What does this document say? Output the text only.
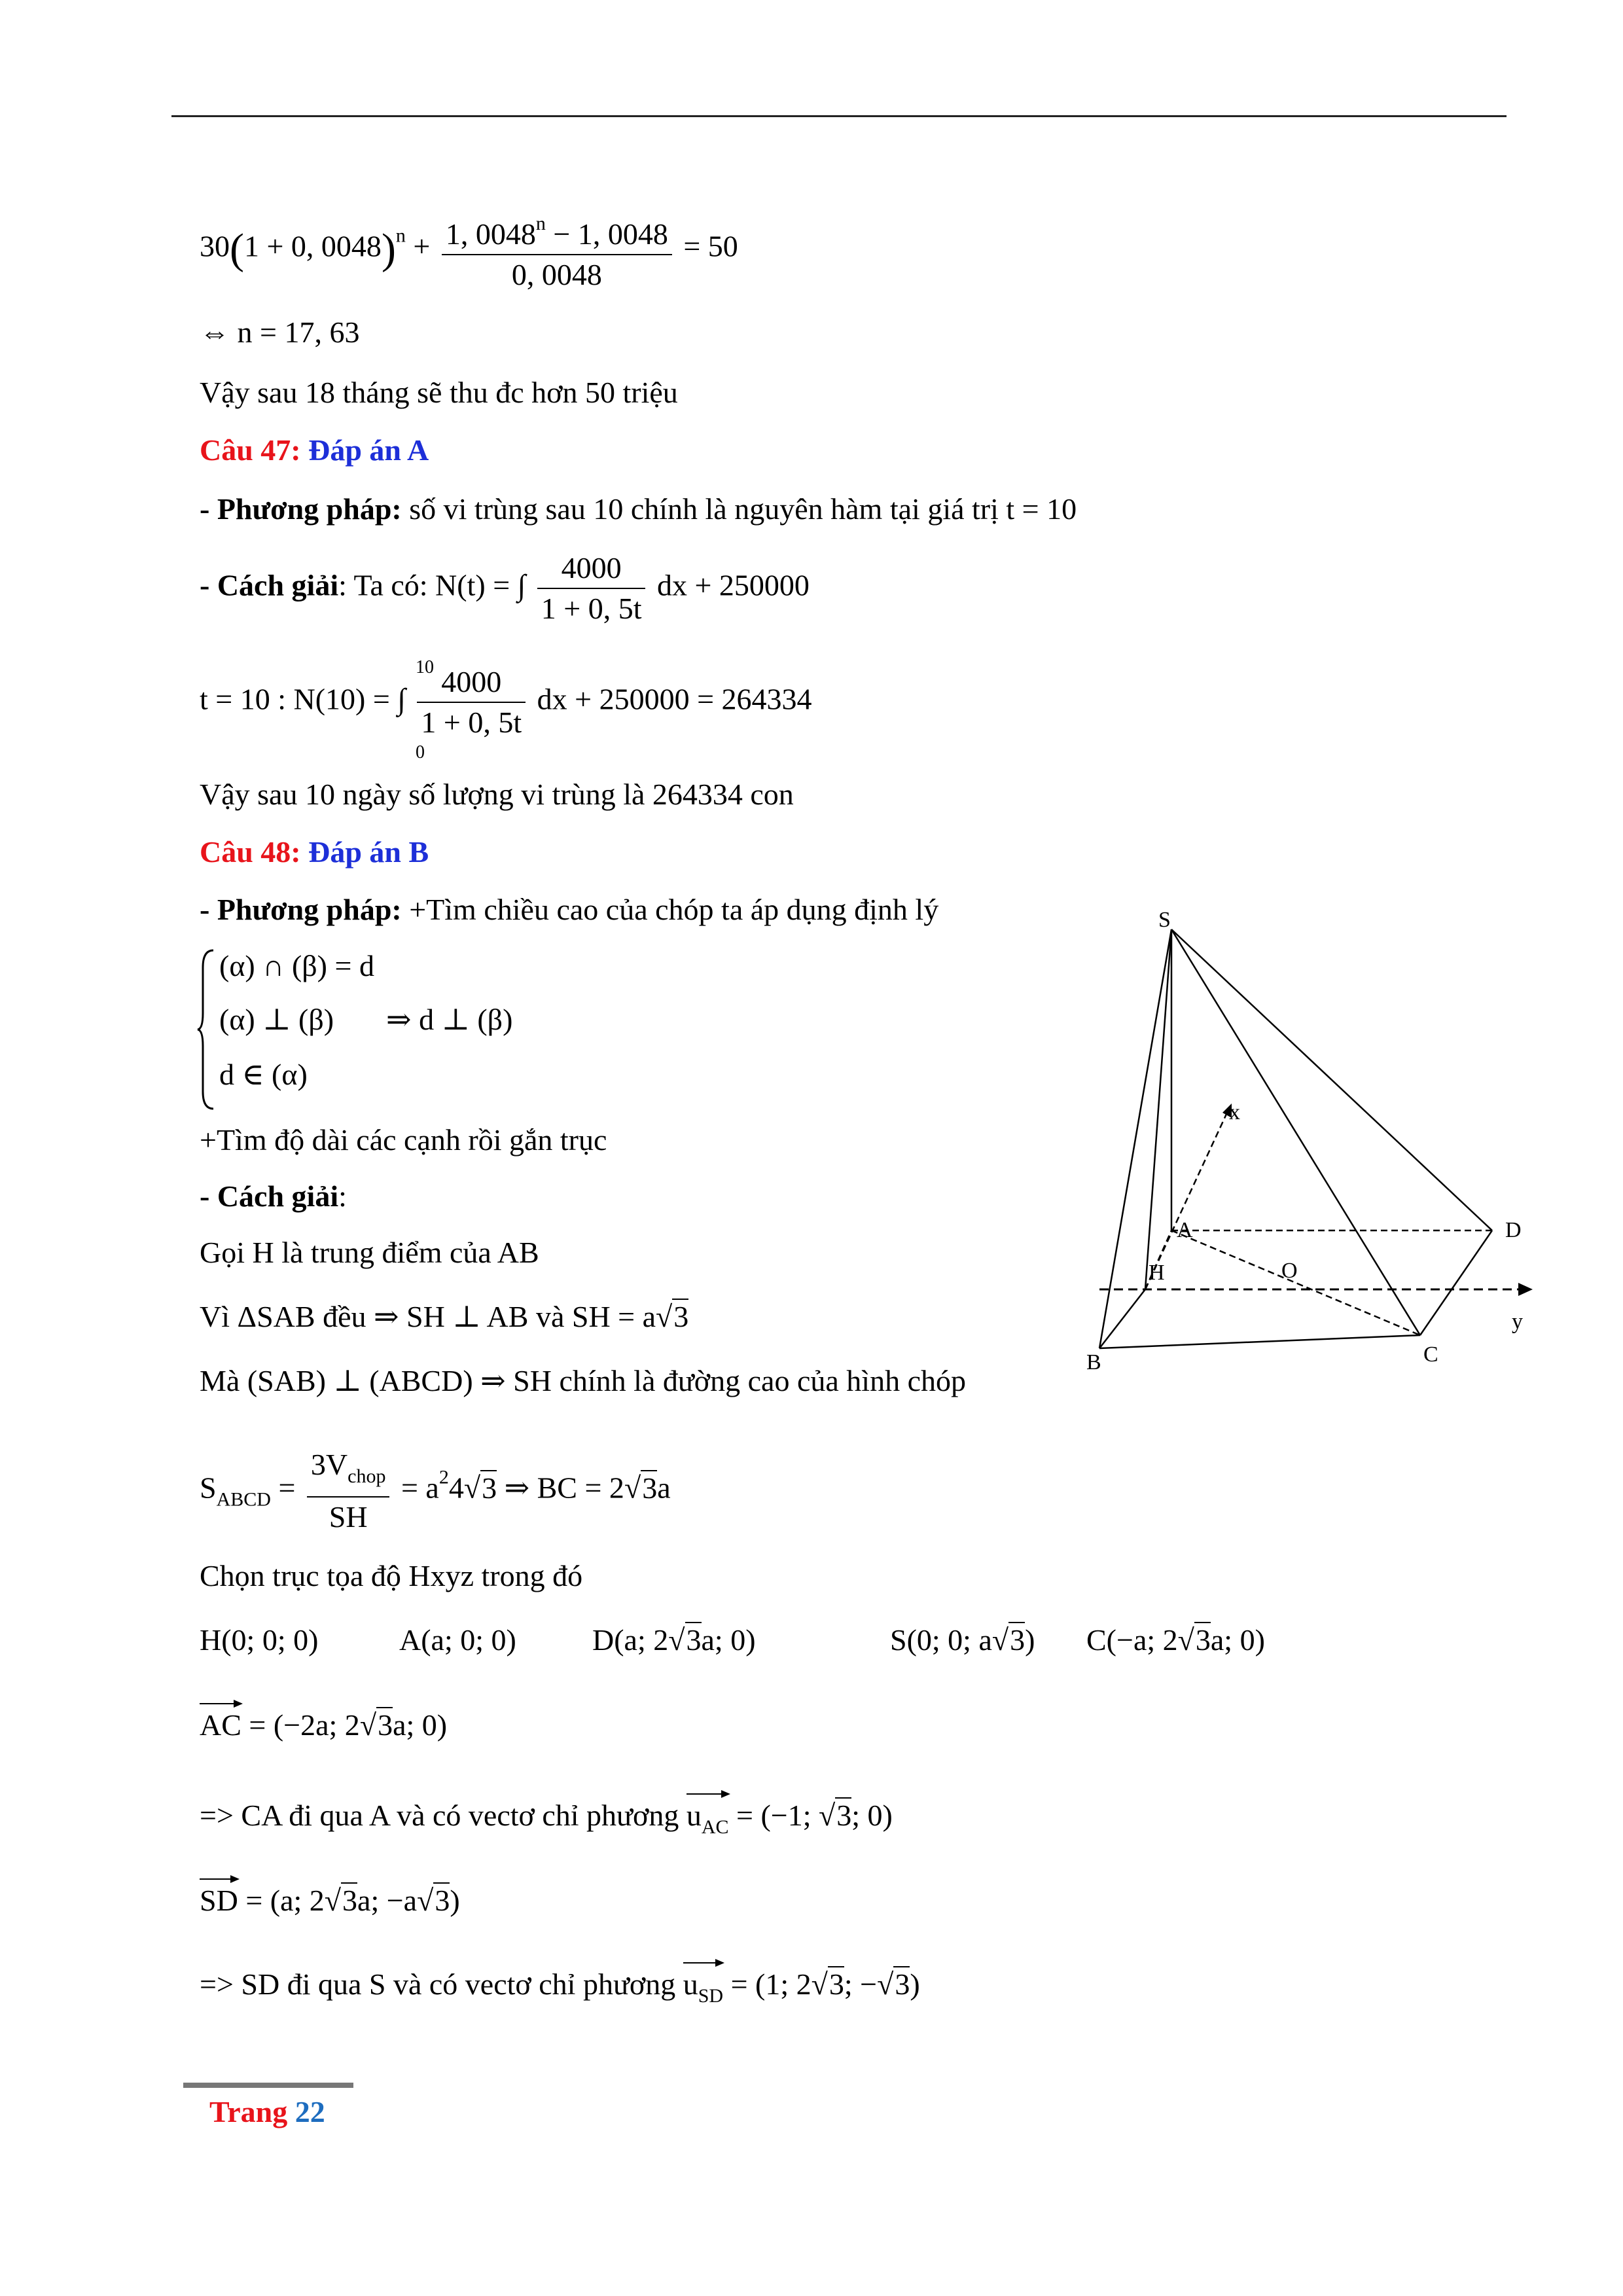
30(1 + 0, $0048)^n + \frac{1, 0048^n - 1, 0048}{0, 0048} = 50$
⇔ n = 17, 63
Vậy sau 18 tháng sẽ thu đc hơn 50 triệu
Câu 47: Đáp án A
- Phương pháp: số vi trùng sau 10 chính là nguyên hàm tại giá trị t = 10
- Cách giải: Ta có: N(t) = ∫ $\frac{4000}{1 + 0, 5t}$ dx + 250000
t = 10 : N(10) = ∫
10
0
$\frac{4000}{1 + 0, 5t}$ dx + 250000 = 264334
Vậy sau 10 ngày số lượng vi trùng là 264334 con
Câu 48: Đáp án B
- Phương pháp: +Tìm chiều cao của chóp ta áp dụng định lý
(α) ∩ (β) = d
(α) ⊥ (β) ⇒ d ⊥ (β)
d ∈ (α)
+Tìm độ dài các cạnh rồi gắn trục
- Cách giải:
Gọi H là trung điểm của AB
Vì ΔSAB đều ⇒ SH ⊥ AB và SH = a√3
Mà (SAB) ⊥ (ABCD) ⇒ SH chính là đường cao của hình chóp
$S_{ABCD} = \frac{3V_{chop}}{SH} = a^24√3$ ⇒ BC = 2√3a
Chọn trục tọa độ Hxyz trong đó
H(0; 0; 0)	A(a; 0; 0)	D(a; 2√3a; 0)	S(0; 0; a√3) C(−a; 2√3a; 0)
AC = (−2a; 2√3a; 0)
=> CA đi qua A và có vectơ chỉ phương $u_{AC} = (-1$; √3; 0)
SD = (a; 2√3a; −a√3)
=> SD đi qua S và có vectơ chỉ phương $u_{SD} = (1$; 2√3; −√3)
S
x
A	D
H	O
B	C
y
Trang 22
